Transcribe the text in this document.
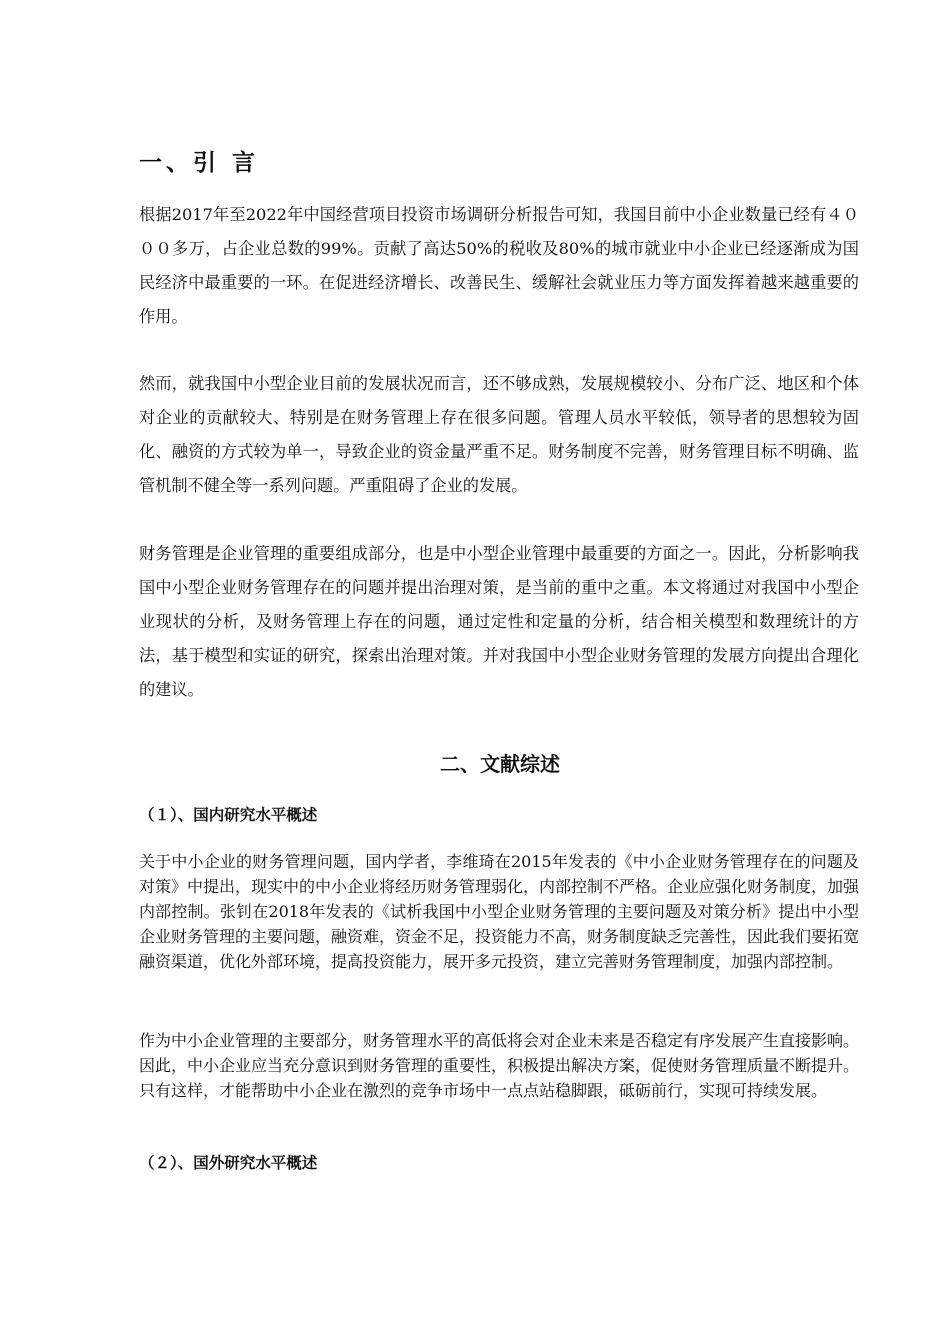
一、引 言

根据2017年至2022年中国经营项目投资市场调研分析报告可知，我国目前中小企业数量已经有４０００多万，占企业总数的99%。贡献了高达50%的税收及80%的城市就业中小企业已经逐渐成为国民经济中最重要的一环。在促进经济增长、改善民生、缓解社会就业压力等方面发挥着越来越重要的作用。

然而，就我国中小型企业目前的发展状况而言，还不够成熟，发展规模较小、分布广泛、地区和个体对企业的贡献较大、特别是在财务管理上存在很多问题。管理人员水平较低，领导者的思想较为固化、融资的方式较为单一，导致企业的资金量严重不足。财务制度不完善，财务管理目标不明确、监管机制不健全等一系列问题。严重阻碍了企业的发展。

财务管理是企业管理的重要组成部分，也是中小型企业管理中最重要的方面之一。因此，分析影响我国中小型企业财务管理存在的问题并提出治理对策，是当前的重中之重。本文将通过对我国中小型企业现状的分析，及财务管理上存在的问题，通过定性和定量的分析，结合相关模型和数理统计的方法，基于模型和实证的研究，探索出治理对策。并对我国中小型企业财务管理的发展方向提出合理化的建议。

二、文献综述
（１）、国内研究水平概述

关于中小企业的财务管理问题，国内学者，李维琦在2015年发表的《中小企业财务管理存在的问题及对策》中提出，现实中的中小企业将经历财务管理弱化，内部控制不严格。企业应强化财务制度，加强内部控制。张钊在2018年发表的《试析我国中小型企业财务管理的主要问题及对策分析》提出中小型企业财务管理的主要问题，融资难，资金不足，投资能力不高，财务制度缺乏完善性，因此我们要拓宽融资渠道，优化外部环境，提高投资能力，展开多元投资，建立完善财务管理制度，加强内部控制。

作为中小企业管理的主要部分，财务管理水平的高低将会对企业未来是否稳定有序发展产生直接影响。因此，中小企业应当充分意识到财务管理的重要性，积极提出解决方案，促使财务管理质量不断提升。只有这样，才能帮助中小企业在激烈的竞争市场中一点点站稳脚跟，砥砺前行，实现可持续发展。

（２）、国外研究水平概述
